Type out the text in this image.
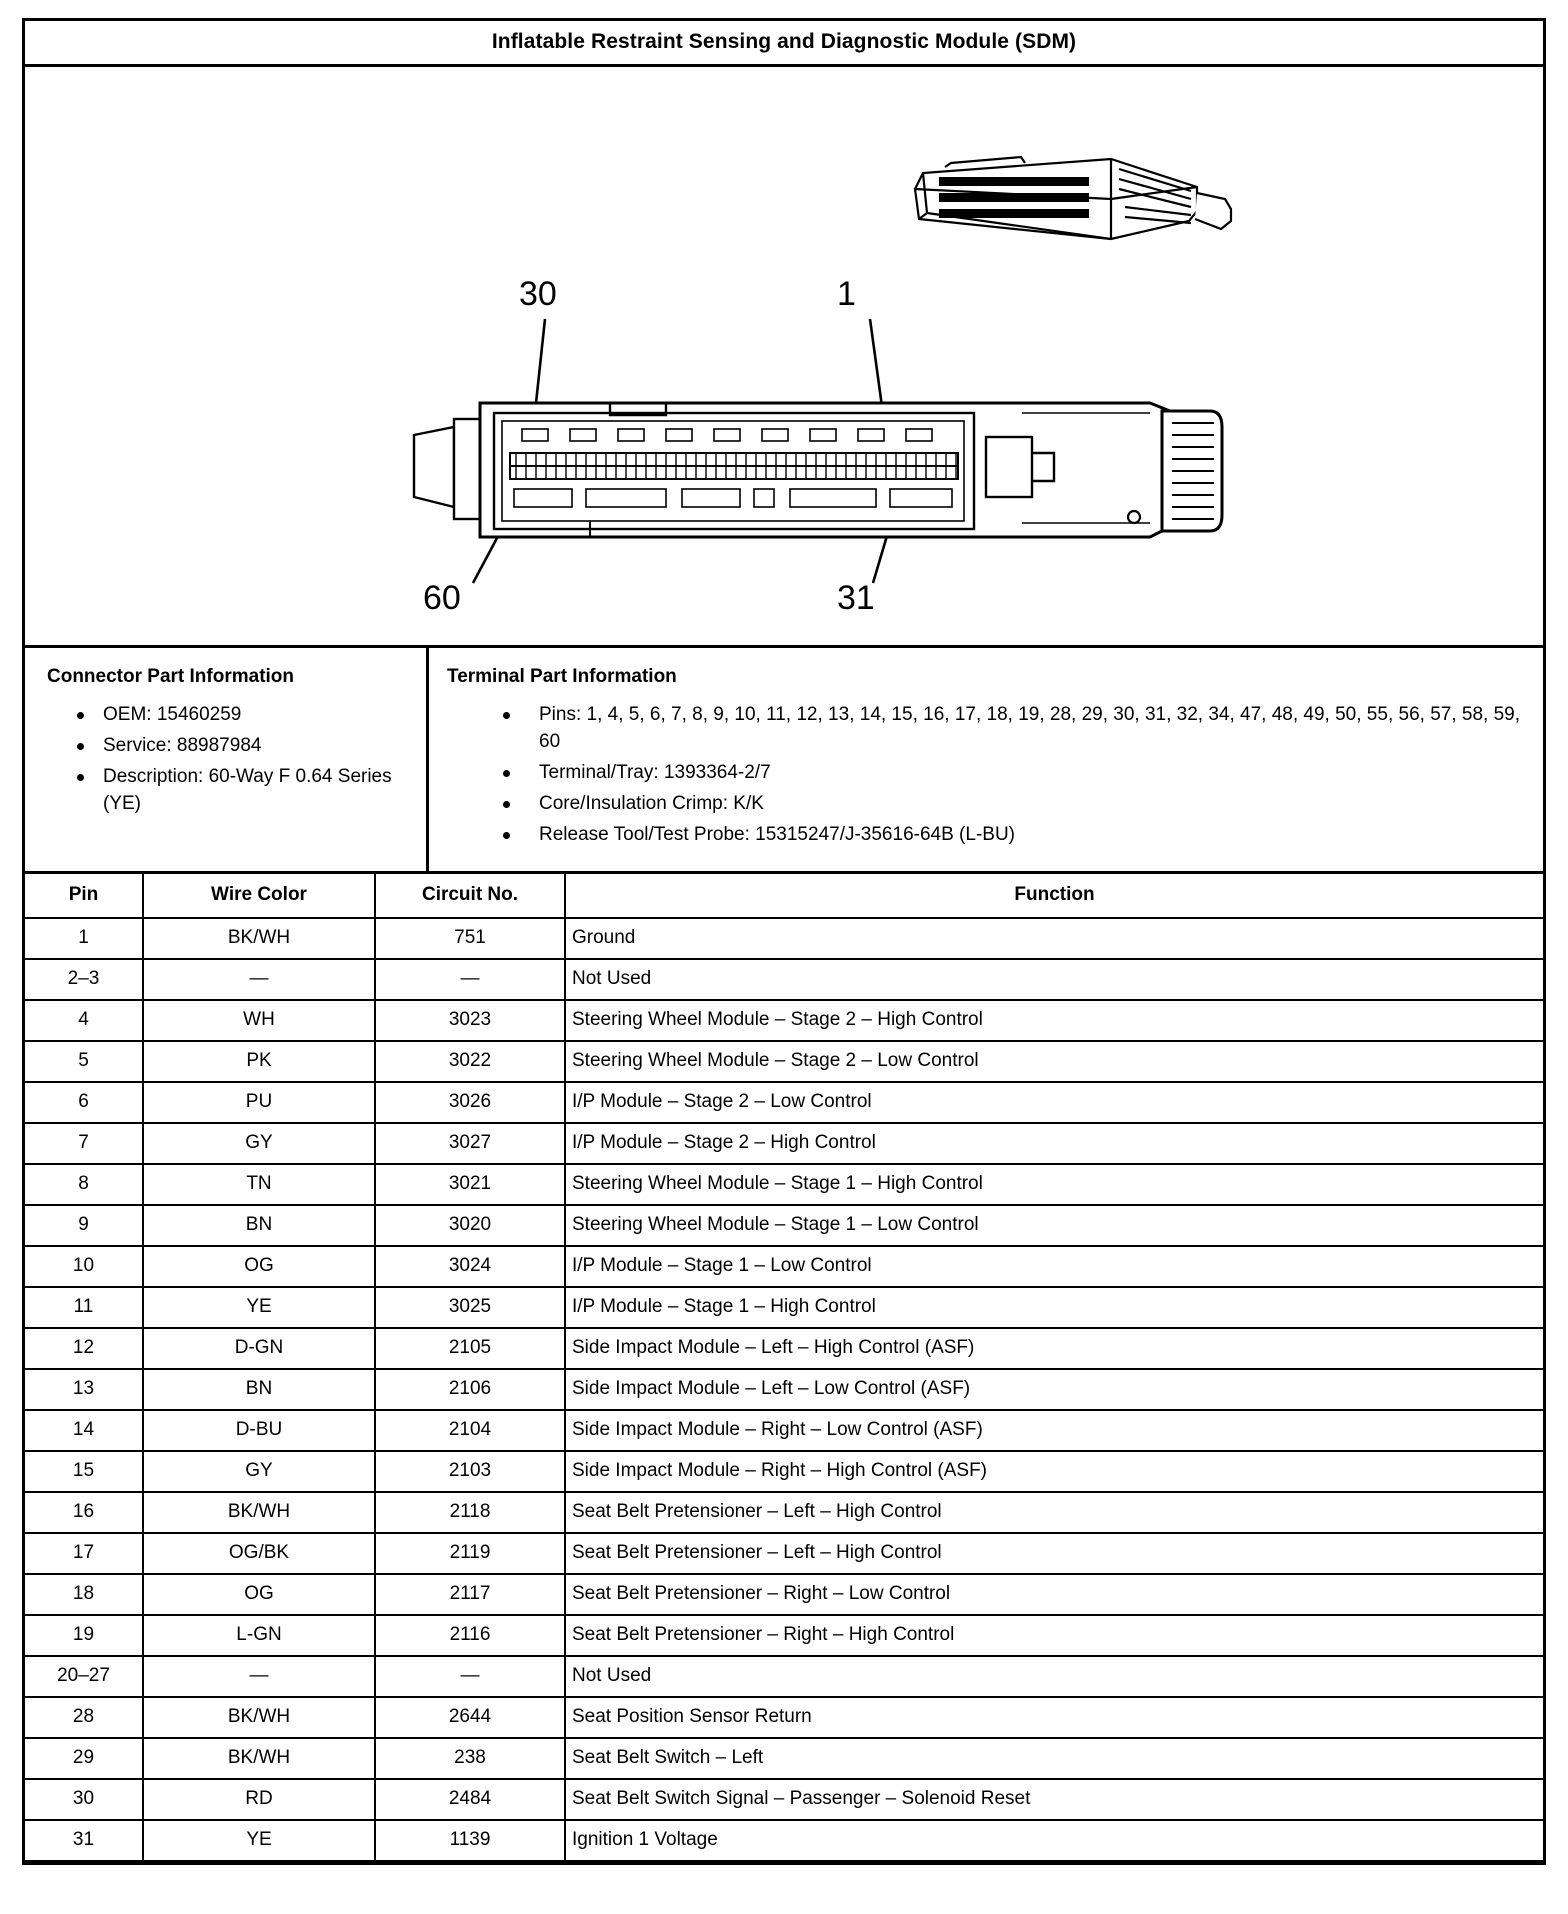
Inflatable Restraint Sensing and Diagnostic Module (SDM)
30	1
60	31
Connector Part Information
OEM: 15460259
Service: 88987984
Description: 60-Way F 0.64 Series (YE)
Terminal Part Information
Pins: 1, 4, 5, 6, 7, 8, 9, 10, 11, 12, 13, 14, 15, 16, 17, 18, 19, 28, 29, 30, 31, 32, 34, 47, 48, 49, 50, 55, 56, 57, 58, 59, 60
Terminal/Tray: 1393364-2/7
Core/Insulation Crimp: K/K
Release Tool/Test Probe: 15315247/J-35616-64B (L-BU)
Pin	Wire Color	Circuit No.	Function
1	BK/WH	751	Ground
2–3	—	—	Not Used
4	WH	3023	Steering Wheel Module – Stage 2 – High Control
5	PK	3022	Steering Wheel Module – Stage 2 – Low Control
6	PU	3026	I/P Module – Stage 2 – Low Control
7	GY	3027	I/P Module – Stage 2 – High Control
8	TN	3021	Steering Wheel Module – Stage 1 – High Control
9	BN	3020	Steering Wheel Module – Stage 1 – Low Control
10	OG	3024	I/P Module – Stage 1 – Low Control
11	YE	3025	I/P Module – Stage 1 – High Control
12	D-GN	2105	Side Impact Module – Left – High Control (ASF)
13	BN	2106	Side Impact Module – Left – Low Control (ASF)
14	D-BU	2104	Side Impact Module – Right – Low Control (ASF)
15	GY	2103	Side Impact Module – Right – High Control (ASF)
16	BK/WH	2118	Seat Belt Pretensioner – Left – High Control
17	OG/BK	2119	Seat Belt Pretensioner – Left – High Control
18	OG	2117	Seat Belt Pretensioner – Right – Low Control
19	L-GN	2116	Seat Belt Pretensioner – Right – High Control
20–27	—	—	Not Used
28	BK/WH	2644	Seat Position Sensor Return
29	BK/WH	238	Seat Belt Switch – Left
30	RD	2484	Seat Belt Switch Signal – Passenger – Solenoid Reset
31	YE	1139	Ignition 1 Voltage
